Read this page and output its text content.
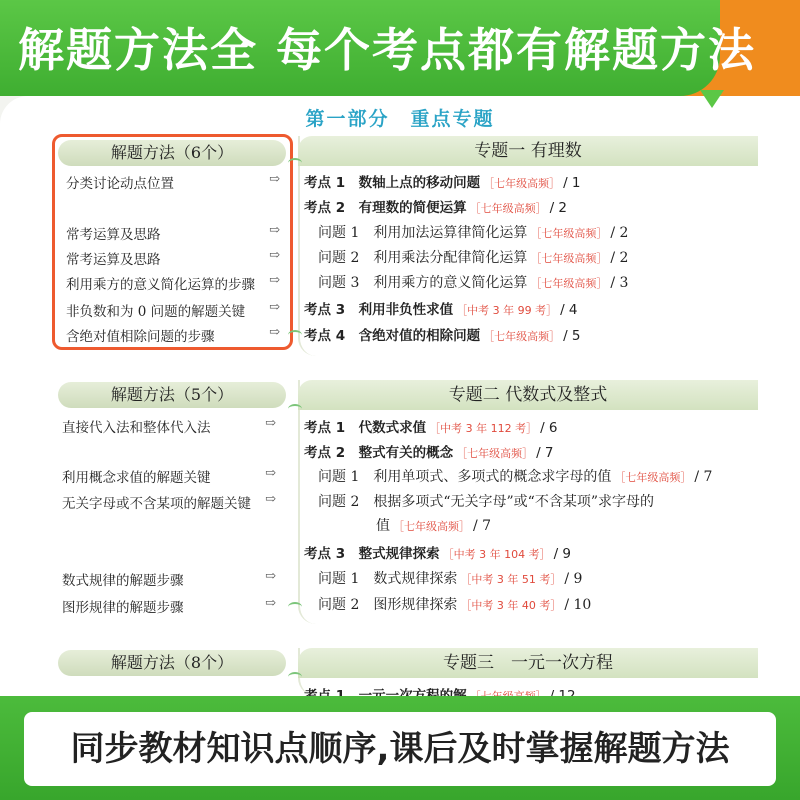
解题方法全 每个考点都有解题方法
第一部分　重点专题
解题方法（6个）
分类讨论动点位置	⇨
常考运算及思路	⇨
常考运算及思路	⇨
利用乘方的意义简化运算的步骤 ⇨
非负数和为 0 问题的解题关键 ⇨
含绝对值相除问题的步骤	⇨
专题一 有理数
考点 1　 数轴上点的移动问题 ［七年级高频］ / 1
考点 2　 有理数的简便运算 ［七年级高频］ / 2
问题 1　 利用加法运算律简化运算 ［七年级高频］ / 2
问题 2　 利用乘法分配律简化运算 ［七年级高频］ / 2
问题 3　 利用乘方的意义简化运算 ［七年级高频］ / 3
考点 3　 利用非负性求值 ［中考 3 年 99 考］ / 4
考点 4　 含绝对值的相除问题 ［七年级高频］ / 5
解题方法（5个）
直接代入法和整体代入法	⇨
利用概念求值的解题关键	⇨
无关字母或不含某项的解题关键 ⇨
数式规律的解题步骤	⇨
图形规律的解题步骤	⇨
专题二 代数式及整式
考点 1　 代数式求值 ［中考 3 年 112 考］ / 6
考点 2　 整式有关的概念 ［七年级高频］ / 7
问题 1　 利用单项式、多项式的概念求字母的值 ［七年级高频］ / 7
问题 2　 根据多项式“无关字母”或“不含某项”求字母的
值 ［七年级高频］ / 7
考点 3　 整式规律探索 ［中考 3 年 104 考］ / 9
问题 1　 数式规律探索 ［中考 3 年 51 考］ / 9
问题 2　 图形规律探索 ［中考 3 年 40 考］ / 10
解题方法（8个）	专题三　一元一次方程

同步教材知识点顺序,课后及时掌握解题方法
